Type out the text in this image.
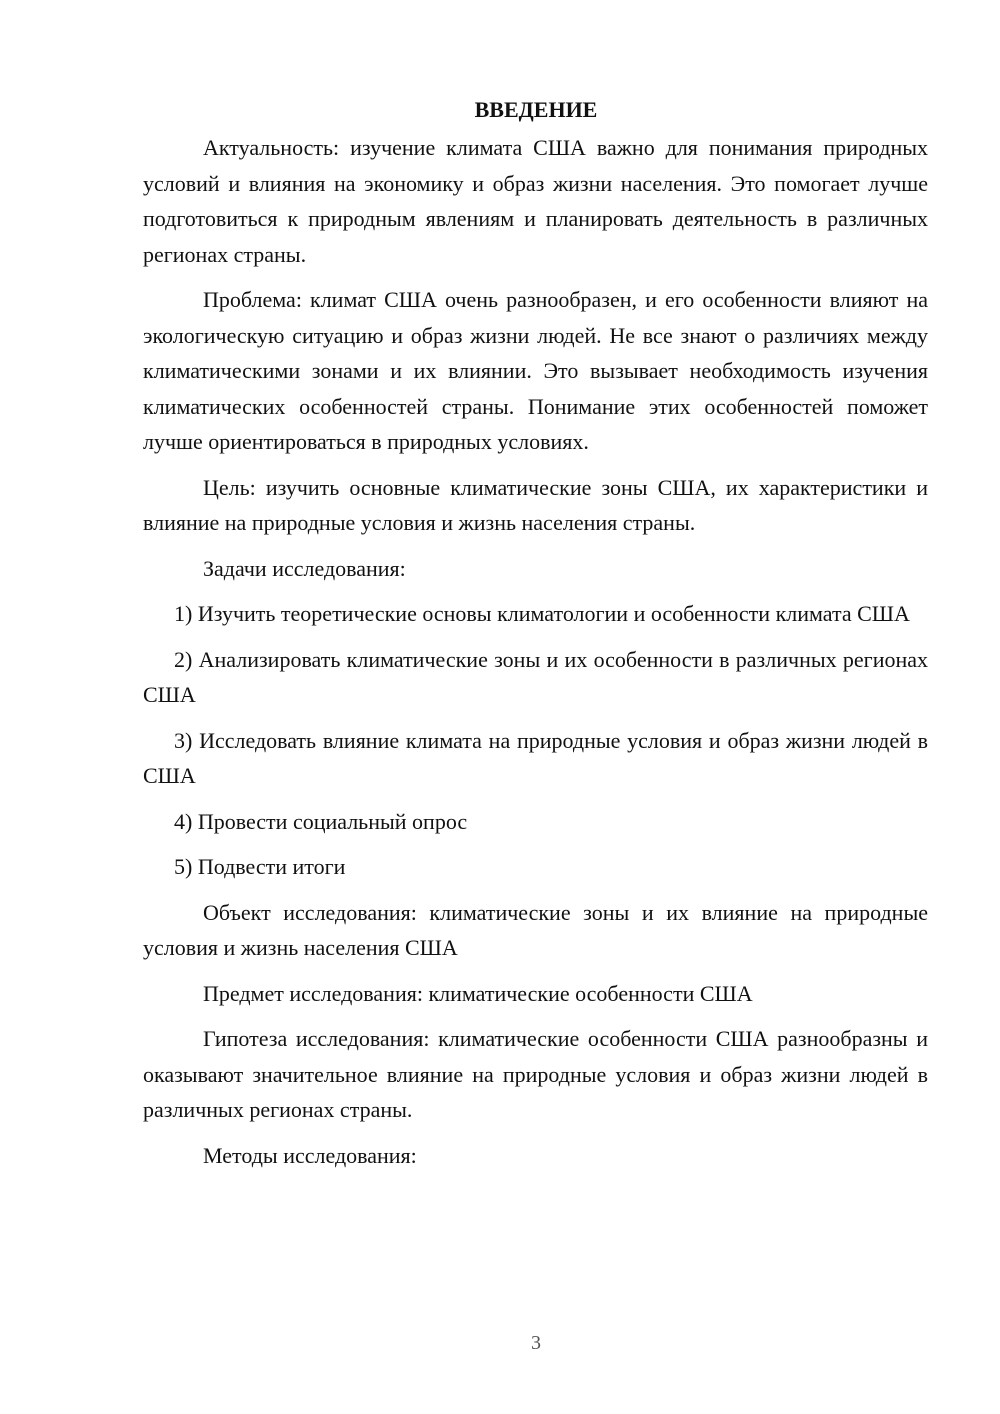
ВВЕДЕНИЕ

Актуальность: изучение климата США важно для понимания природных условий и влияния на экономику и образ жизни населения. Это помогает лучше подготовиться к природным явлениям и планировать деятельность в различных регионах страны.

Проблема: климат США очень разнообразен, и его особенности влияют на экологическую ситуацию и образ жизни людей. Не все знают о различиях между климатическими зонами и их влиянии. Это вызывает необходимость изучения климатических особенностей страны. Понимание этих особенностей поможет лучше ориентироваться в природных условиях.

Цель: изучить основные климатические зоны США, их характеристики и влияние на природные условия и жизнь населения страны.

Задачи исследования:

1) Изучить теоретические основы климатологии и особенности климата США

2) Анализировать климатические зоны и их особенности в различных регионах США

3) Исследовать влияние климата на природные условия и образ жизни людей в США

4) Провести социальный опрос

5) Подвести итоги

Объект исследования: климатические зоны и их влияние на природные условия и жизнь населения США

Предмет исследования: климатические особенности США

Гипотеза исследования: климатические особенности США разнообразны и оказывают значительное влияние на природные условия и образ жизни людей в различных регионах страны.

Методы исследования:

3
